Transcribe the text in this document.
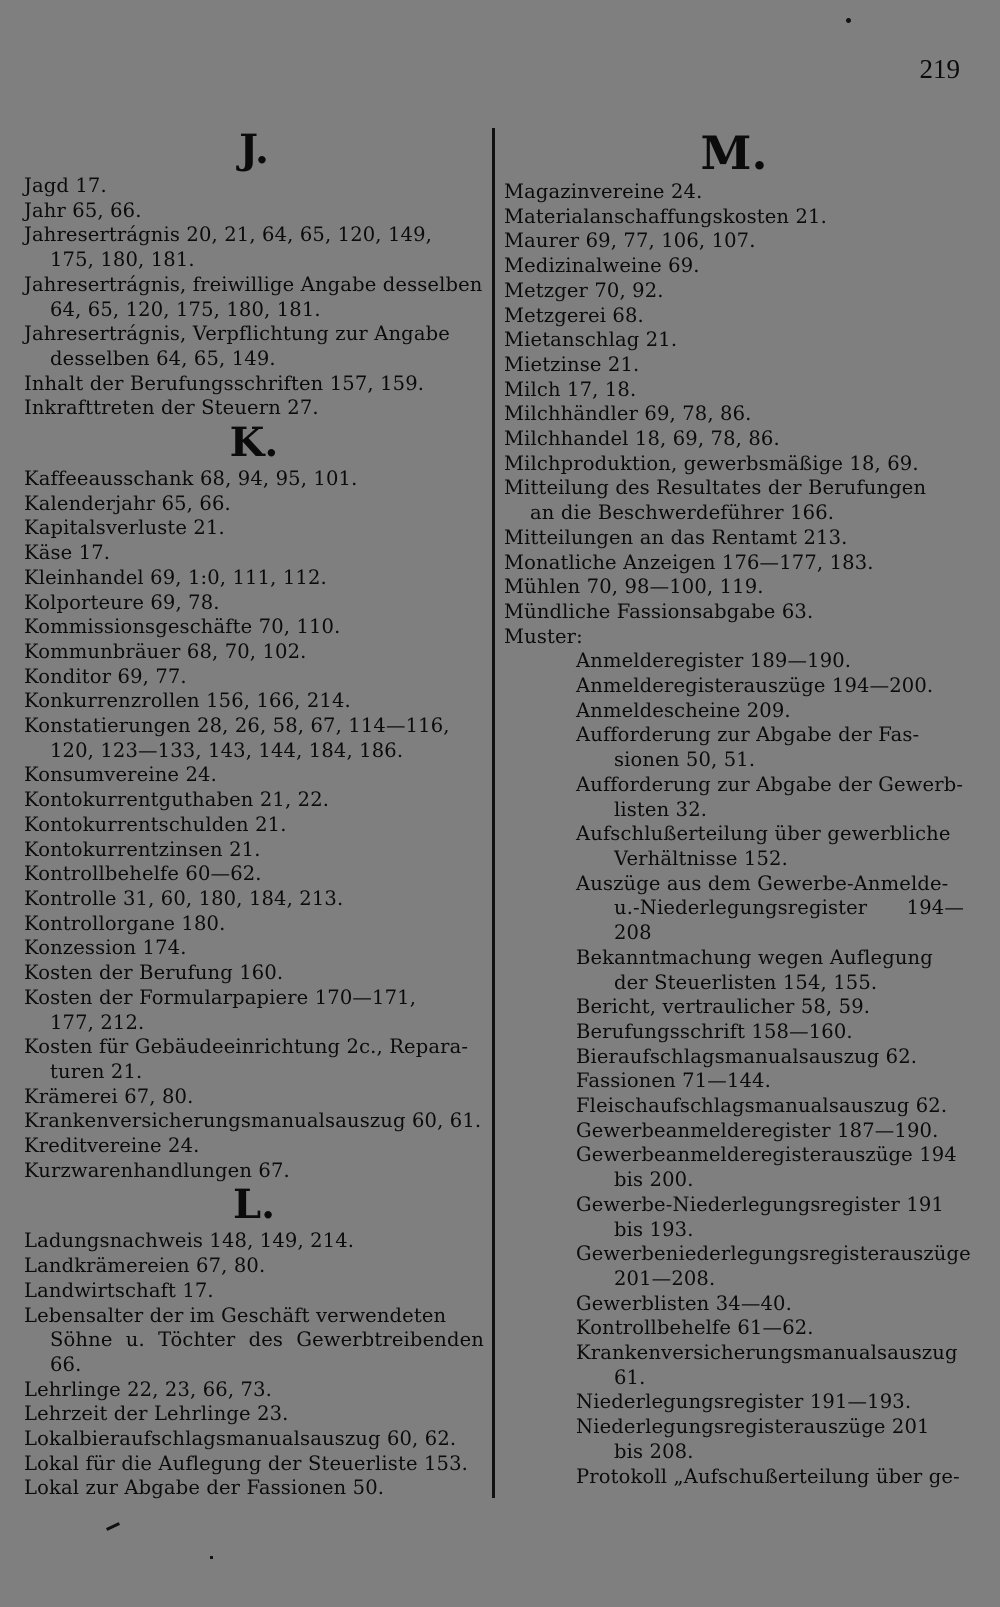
219
J.
Jagd 17.
Jahr 65, 66.
Jahresertrágnis 20, 21, 64, 65, 120, 149,
175, 180, 181.
Jahresertrágnis, freiwillige Angabe desselben
64, 65, 120, 175, 180, 181.
Jahresertrágnis, Verpflichtung zur Angabe
desselben 64, 65, 149.
Inhalt der Berufungsschriften 157, 159.
Inkrafttreten der Steuern 27.
K.
Kaffeeausschank 68, 94, 95, 101.
Kalenderjahr 65, 66.
Kapitalsverluste 21.
Käse 17.
Kleinhandel 69, 1:0, 111, 112.
Kolporteure 69, 78.
Kommissionsgeschäfte 70, 110.
Kommunbräuer 68, 70, 102.
Konditor 69, 77.
Konkurrenzrollen 156, 166, 214.
Konstatierungen 28, 26, 58, 67, 114—116,
120, 123—133, 143, 144, 184, 186.
Konsumvereine 24.
Kontokurrentguthaben 21, 22.
Kontokurrentschulden 21.
Kontokurrentzinsen 21.
Kontrollbehelfe 60—62.
Kontrolle 31, 60, 180, 184, 213.
Kontrollorgane 180.
Konzession 174.
Kosten der Berufung 160.
Kosten der Formularpapiere 170—171,
177, 212.
Kosten für Gebäudeeinrichtung 2c., Repara-
turen 21.
Krämerei 67, 80.
Krankenversicherungsmanualsauszug 60, 61.
Kreditvereine 24.
Kurzwarenhandlungen 67.
L.
Ladungsnachweis 148, 149, 214.
Landkrämereien 67, 80.
Landwirtschaft 17.
Lebensalter der im Geschäft verwendeten
Söhne u. Töchter des Gewerbtreibenden 66.
Lehrlinge 22, 23, 66, 73.
Lehrzeit der Lehrlinge 23.
Lokalbieraufschlagsmanualsauszug 60, 62.
Lokal für die Auflegung der Steuerliste 153.
Lokal zur Abgabe der Fassionen 50.
M.
Magazinvereine 24.
Materialanschaffungskosten 21.
Maurer 69, 77, 106, 107.
Medizinalweine 69.
Metzger 70, 92.
Metzgerei 68.
Mietanschlag 21.
Mietzinse 21.
Milch 17, 18.
Milchhändler 69, 78, 86.
Milchhandel 18, 69, 78, 86.
Milchproduktion, gewerbsmäßige 18, 69.
Mitteilung des Resultates der Berufungen
an die Beschwerdeführer 166.
Mitteilungen an das Rentamt 213.
Monatliche Anzeigen 176—177, 183.
Mühlen 70, 98—100, 119.
Mündliche Fassionsabgabe 63.
Muster:
Anmelderegister 189—190.
Anmelderegisterauszüge 194—200.
Anmeldescheine 209.
Aufforderung zur Abgabe der Fas-
sionen 50, 51.
Aufforderung zur Abgabe der Gewerb-
listen 32.
Aufschlußerteilung über gewerbliche
Verhältnisse 152.
Auszüge aus dem Gewerbe-Anmelde-
u.-Niederlegungsregister 194—208
Bekanntmachung wegen Auflegung
der Steuerlisten 154, 155.
Bericht, vertraulicher 58, 59.
Berufungsschrift 158—160.
Bieraufschlagsmanualsauszug 62.
Fassionen 71—144.
Fleischaufschlagsmanualsauszug 62.
Gewerbeanmelderegister 187—190.
Gewerbeanmelderegisterauszüge 194
bis 200.
Gewerbe-Niederlegungsregister 191
bis 193.
Gewerbeniederlegungsregisterauszüge
201—208.
Gewerblisten 34—40.
Kontrollbehelfe 61—62.
Krankenversicherungsmanualsauszug
61.
Niederlegungsregister 191—193.
Niederlegungsregisterauszüge 201
bis 208.
Protokoll „Aufschußerteilung über ge-
